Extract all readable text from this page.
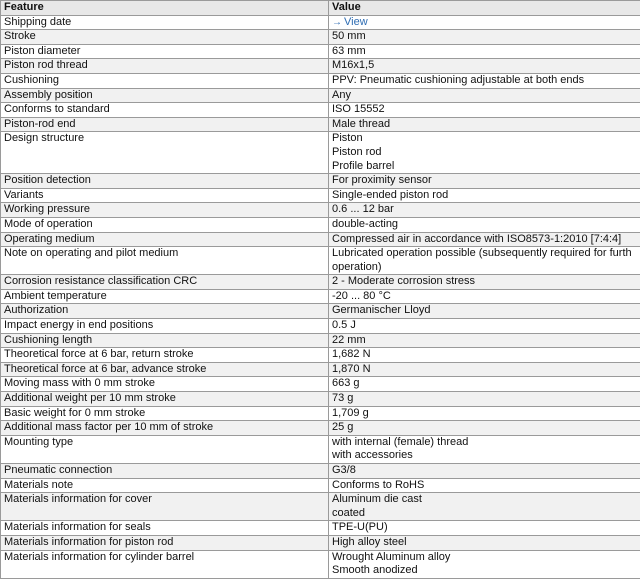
Feature	Value
Shipping date	→ View
Stroke	50 mm

Piston diameter	63 mm

Piston rod thread	M16x1,5

Cushioning	PPV: Pneumatic cushioning adjustable at both ends

Assembly position	Any

Conforms to standard	ISO 15552

Piston-rod end	Male thread

Design structure	Piston
Piston rod
Profile barrel

Position detection	For proximity sensor

Variants	Single-ended piston rod

Working pressure	0.6 ... 12 bar

Mode of operation	double-acting

Operating medium	Compressed air in accordance with ISO8573-1:2010 [7:4:4]

Note on operating and pilot medium	Lubricated operation possible (subsequently required for furth
operation)

Corrosion resistance classification CRC	2 - Moderate corrosion stress

Ambient temperature	-20 ... 80 °C

Authorization	Germanischer Lloyd

Impact energy in end positions	0.5 J

Cushioning length	22 mm

Theoretical force at 6 bar, return stroke	1,682 N

Theoretical force at 6 bar, advance stroke	1,870 N

Moving mass with 0 mm stroke	663 g

Additional weight per 10 mm stroke	73 g

Basic weight for 0 mm stroke	1,709 g

Additional mass factor per 10 mm of stroke	25 g

Mounting type	with internal (female) thread
with accessories

Pneumatic connection	G3/8

Materials note	Conforms to RoHS

Materials information for cover	Aluminum die cast
coated

Materials information for seals	TPE-U(PU)

Materials information for piston rod	High alloy steel

Materials information for cylinder barrel	Wrought Aluminum alloy
Smooth anodized
